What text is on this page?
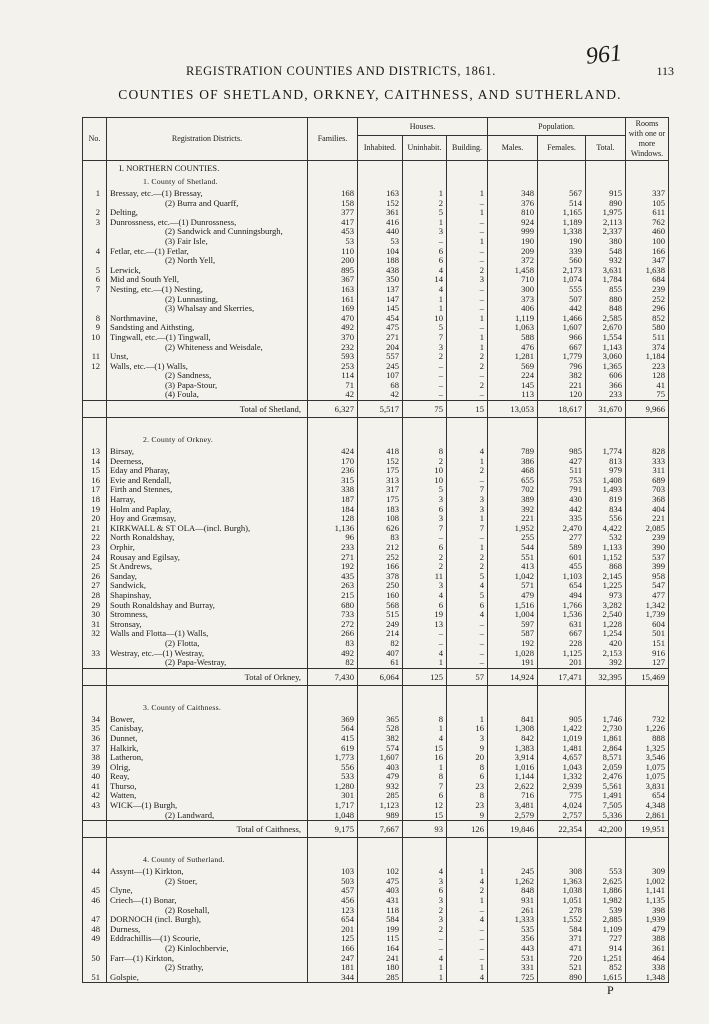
961
REGISTRATION COUNTIES AND DISTRICTS, 1861.	113
COUNTIES OF SHETLAND, ORKNEY, CAITHNESS, AND SUTHERLAND.
No.	Registration Districts.	Families.	Houses.			Population.			Rooms with one or more Windows.
			Inhabited.	Uninhabit.	Building.	Males.	Females.	Total.	
	I. NORTHERN COUNTIES.								
	1. County of Shetland.								
1	Bressay, etc.—(1) Bressay,	168	163	1	1	348	567	915	337
	(2) Burra and Quarff,	158	152	2	–	376	514	890	105
2	Delting,	377	361	5	1	810	1,165	1,975	611
3	Dunrossness, etc.—(1) Dunrossness,	417	416	1	–	924	1,189	2,113	762
	(2) Sandwick and Cunningsburgh,	453	440	3	–	999	1,338	2,337	460
	(3) Fair Isle,	53	53	–	1	190	190	380	100
4	Fetlar, etc.—(1) Fetlar,	110	104	6	–	209	339	548	166
	(2) North Yell,	200	188	6	–	372	560	932	347
5	Lerwick,	895	438	4	2	1,458	2,173	3,631	1,638
6	Mid and South Yell,	367	350	14	3	710	1,074	1,784	684
7	Nesting, etc.—(1) Nesting,	163	137	4	–	300	555	855	239
	(2) Lunnasting,	161	147	1	–	373	507	880	252
	(3) Whalsay and Skerries,	169	145	1	–	406	442	848	296
8	Northmavine,	470	454	10	1	1,119	1,466	2,585	852
9	Sandsting and Aithsting,	492	475	5	–	1,063	1,607	2,670	580
10	Tingwall, etc.—(1) Tingwall,	370	271	7	1	588	966	1,554	511
	(2) Whiteness and Weisdale,	232	204	3	1	476	667	1,143	374
11	Unst,	593	557	2	2	1,281	1,779	3,060	1,184
12	Walls, etc.—(1) Walls,	253	245	–	2	569	796	1,365	223
	(2) Sandness,	114	107	–	–	224	382	606	128
	(3) Papa-Stour,	71	68	–	2	145	221	366	41
	(4) Foula,	42	42	–	–	113	120	233	75
	Total of Shetland,	6,327	5,517	75	15	13,053	18,617	31,670	9,966

	2. County of Orkney.								
13	Birsay,	424	418	8	4	789	985	1,774	828
14	Deerness,	170	152	2	1	386	427	813	333
15	Eday and Pharay,	236	175	10	2	468	511	979	311
16	Evie and Rendall,	315	313	10	–	655	753	1,408	689
17	Firth and Stennes,	338	317	5	7	702	791	1,493	703
18	Harray,	187	175	3	3	389	430	819	368
19	Holm and Paplay,	184	183	6	3	392	442	834	404
20	Hoy and Græmsay,	128	108	3	1	221	335	556	221
21	KIRKWALL & ST OLA—(incl. Burgh),	1,136	626	7	7	1,952	2,470	4,422	2,085
22	North Ronaldshay,	96	83	–	–	255	277	532	239
23	Orphir,	233	212	6	1	544	589	1,133	390
24	Rousay and Egilsay,	271	252	2	2	551	601	1,152	537
25	St Andrews,	192	166	2	2	413	455	868	399
26	Sanday,	435	378	11	5	1,042	1,103	2,145	958
27	Sandwick,	263	250	3	4	571	654	1,225	547
28	Shapinshay,	215	160	4	5	479	494	973	477
29	South Ronaldshay and Burray,	680	568	6	6	1,516	1,766	3,282	1,342
30	Stromness,	733	515	19	4	1,004	1,536	2,540	1,739
31	Stronsay,	272	249	13	–	597	631	1,228	604
32	Walls and Flotta—(1) Walls,	266	214	–	–	587	667	1,254	501
	(2) Flotta,	83	82	–	–	192	228	420	151
33	Westray, etc.—(1) Westray,	492	407	4	–	1,028	1,125	2,153	916
	(2) Papa-Westray,	82	61	1	–	191	201	392	127
	Total of Orkney,	7,430	6,064	125	57	14,924	17,471	32,395	15,469

	3. County of Caithness.								
34	Bower,	369	365	8	1	841	905	1,746	732
35	Canisbay,	564	528	1	16	1,308	1,422	2,730	1,226
36	Dunnet,	415	382	4	3	842	1,019	1,861	888
37	Halkirk,	619	574	15	9	1,383	1,481	2,864	1,325
38	Latheron,	1,773	1,607	16	20	3,914	4,657	8,571	3,546
39	Olrig,	556	403	1	8	1,016	1,043	2,059	1,075
40	Reay,	533	479	8	6	1,144	1,332	2,476	1,075
41	Thurso,	1,280	932	7	23	2,622	2,939	5,561	3,831
42	Watten,	301	285	6	8	716	775	1,491	654
43	WICK—(1) Burgh,	1,717	1,123	12	23	3,481	4,024	7,505	4,348
	(2) Landward,	1,048	989	15	9	2,579	2,757	5,336	2,861
	Total of Caithness,	9,175	7,667	93	126	19,846	22,354	42,200	19,951

	4. County of Sutherland.								
44	Assynt—(1) Kirkton,	103	102	4	1	245	308	553	309
	(2) Stoer,	503	475	3	4	1,262	1,363	2,625	1,002
45	Clyne,	457	403	6	2	848	1,038	1,886	1,141
46	Criech—(1) Bonar,	456	431	3	1	931	1,051	1,982	1,135
	(2) Rosehall,	123	118	2	–	261	278	539	398
47	DORNOCH (incl. Burgh),	654	584	3	4	1,333	1,552	2,885	1,939
48	Durness,	201	199	2	–	535	584	1,109	479
49	Eddrachillis—(1) Scourie,	125	115	–	–	356	371	727	388
	(2) Kinlochbervie,	166	164	–	–	443	471	914	361
50	Farr—(1) Kirkton,	247	241	4	–	531	720	1,251	464
	(2) Strathy,	181	180	1	1	331	521	852	338
51	Golspie,	344	285	1	4	725	890	1,615	1,348
P
